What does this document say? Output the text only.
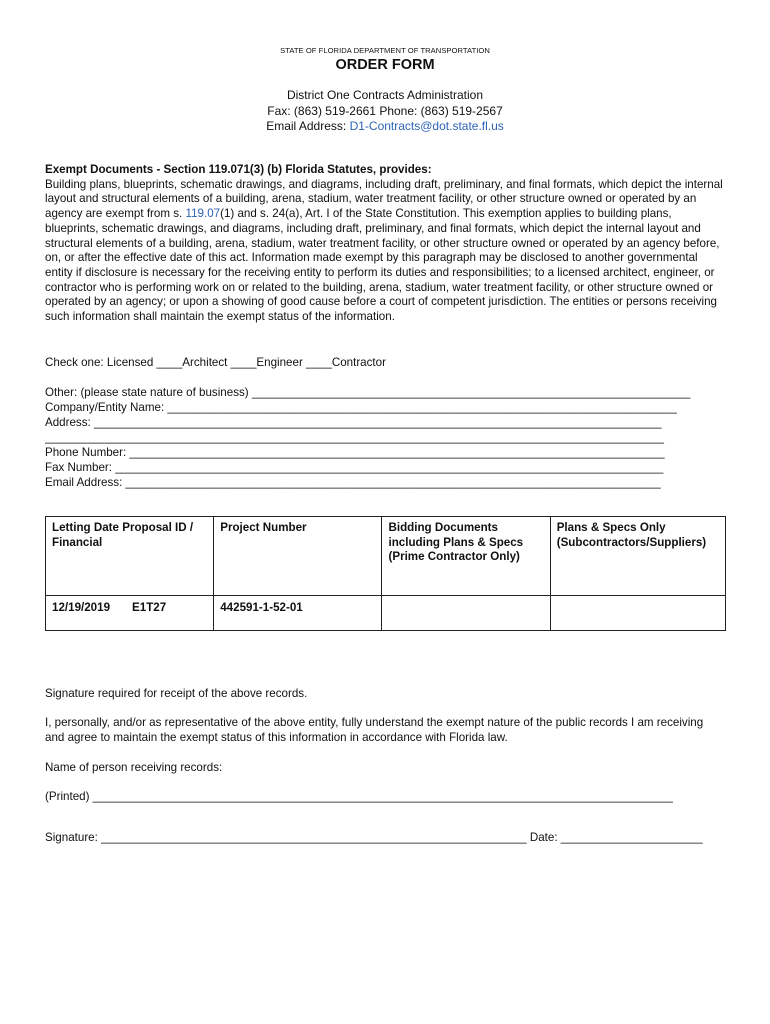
STATE OF FLORIDA DEPARTMENT OF TRANSPORTATION
ORDER FORM
District One Contracts Administration
Fax: (863) 519-2661 Phone: (863) 519-2567
Email Address: D1-Contracts@dot.state.fl.us
Exempt Documents - Section 119.071(3) (b) Florida Statutes, provides:
Building plans, blueprints, schematic drawings, and diagrams, including draft, preliminary, and final formats, which depict the internal layout and structural elements of a building, arena, stadium, water treatment facility, or other structure owned or operated by an agency are exempt from s. 119.07(1) and s. 24(a), Art. I of the State Constitution. This exemption applies to building plans, blueprints, schematic drawings, and diagrams, including draft, preliminary, and final formats, which depict the internal layout and structural elements of a building, arena, stadium, water treatment facility, or other structure owned or operated by an agency before, on, or after the effective date of this act. Information made exempt by this paragraph may be disclosed to another governmental entity if disclosure is necessary for the receiving entity to perform its duties and responsibilities; to a licensed architect, engineer, or contractor who is performing work on or related to the building, arena, stadium, water treatment facility, or other structure owned or operated by an agency; or upon a showing of good cause before a court of competent jurisdiction. The entities or persons receiving such information shall maintain the exempt status of the information.
Check one: Licensed ____Architect ____Engineer ____Contractor
Other: (please state nature of business) ____________________________________________________________________
Company/Entity Name: _______________________________________________________________________________
Address: ________________________________________________________________________________________
________________________________________________________________________________________________
Phone Number: ___________________________________________________________________________________
Fax Number: _____________________________________________________________________________________
Email Address: ___________________________________________________________________________________
Letting Date Proposal ID / Financial	Project Number	Bidding Documents including Plans & Specs (Prime Contractor Only)	Plans & Specs Only (Subcontractors/Suppliers)
12/19/2019 E1T27	442591-1-52-01		
Signature required for receipt of the above records.
I, personally, and/or as representative of the above entity, fully understand the exempt nature of the public records I am receiving and agree to maintain the exempt status of this information in accordance with Florida law.
Name of person receiving records:
(Printed) __________________________________________________________________________________________
Signature: __________________________________________________________________ Date: ______________________
